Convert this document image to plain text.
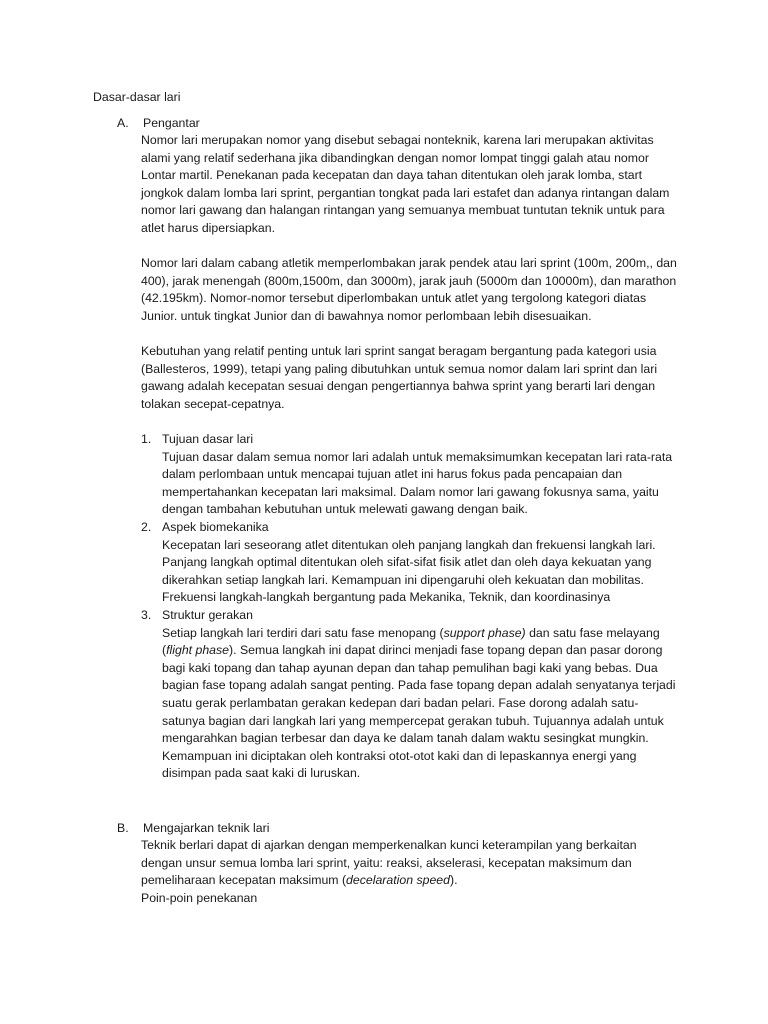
Dasar-dasar lari
A. Pengantar

Nomor lari merupakan nomor yang disebut sebagai nonteknik, karena lari merupakan aktivitas alami yang relatif sederhana jika dibandingkan dengan nomor lompat tinggi galah atau nomor Lontar martil. Penekanan pada kecepatan dan daya tahan ditentukan oleh jarak lomba, start jongkok dalam lomba lari sprint, pergantian tongkat pada lari estafet dan adanya rintangan dalam nomor lari gawang dan halangan rintangan yang semuanya membuat tuntutan teknik untuk para atlet harus dipersiapkan.

Nomor lari dalam cabang atletik memperlombakan jarak pendek atau lari sprint (100m, 200m,, dan 400), jarak menengah (800m,1500m, dan 3000m), jarak jauh (5000m dan 10000m), dan marathon (42.195km). Nomor-nomor tersebut diperlombakan untuk atlet yang tergolong kategori diatas Junior. untuk tingkat Junior dan di bawahnya nomor perlombaan lebih disesuaikan.

Kebutuhan yang relatif penting untuk lari sprint sangat beragam bergantung pada kategori usia (Ballesteros, 1999), tetapi yang paling dibutuhkan untuk semua nomor dalam lari sprint dan lari gawang adalah kecepatan sesuai dengan pengertiannya bahwa sprint yang berarti lari dengan tolakan secepat-cepatnya.

1. Tujuan dasar lari
Tujuan dasar dalam semua nomor lari adalah untuk memaksimumkan kecepatan lari rata-rata dalam perlombaan untuk mencapai tujuan atlet ini harus fokus pada pencapaian dan mempertahankan kecepatan lari maksimal. Dalam nomor lari gawang fokusnya sama, yaitu dengan tambahan kebutuhan untuk melewati gawang dengan baik.
2. Aspek biomekanika
Kecepatan lari seseorang atlet ditentukan oleh panjang langkah dan frekuensi langkah lari. Panjang langkah optimal ditentukan oleh sifat-sifat fisik atlet dan oleh daya kekuatan yang dikerahkan setiap langkah lari. Kemampuan ini dipengaruhi oleh kekuatan dan mobilitas. Frekuensi langkah-langkah bergantung pada Mekanika, Teknik, dan koordinasinya
3. Struktur gerakan
Setiap langkah lari terdiri dari satu fase menopang (support phase) dan satu fase melayang (flight phase). Semua langkah ini dapat dirinci menjadi fase topang depan dan pasar dorong bagi kaki topang dan tahap ayunan depan dan tahap pemulihan bagi kaki yang bebas. Dua bagian fase topang adalah sangat penting. Pada fase topang depan adalah senyatanya terjadi suatu gerak perlambatan gerakan kedepan dari badan pelari. Fase dorong adalah satu-satunya bagian dari langkah lari yang mempercepat gerakan tubuh. Tujuannya adalah untuk mengarahkan bagian terbesar dan daya ke dalam tanah dalam waktu sesingkat mungkin. Kemampuan ini diciptakan oleh kontraksi otot-otot kaki dan di lepaskannya energi yang disimpan pada saat kaki di luruskan.
B. Mengajarkan teknik lari

Teknik berlari dapat di ajarkan dengan memperkenalkan kunci keterampilan yang berkaitan dengan unsur semua lomba lari sprint, yaitu: reaksi, akselerasi, kecepatan maksimum dan pemeliharaan kecepatan maksimum (decelaration speed).

Poin-poin penekanan
